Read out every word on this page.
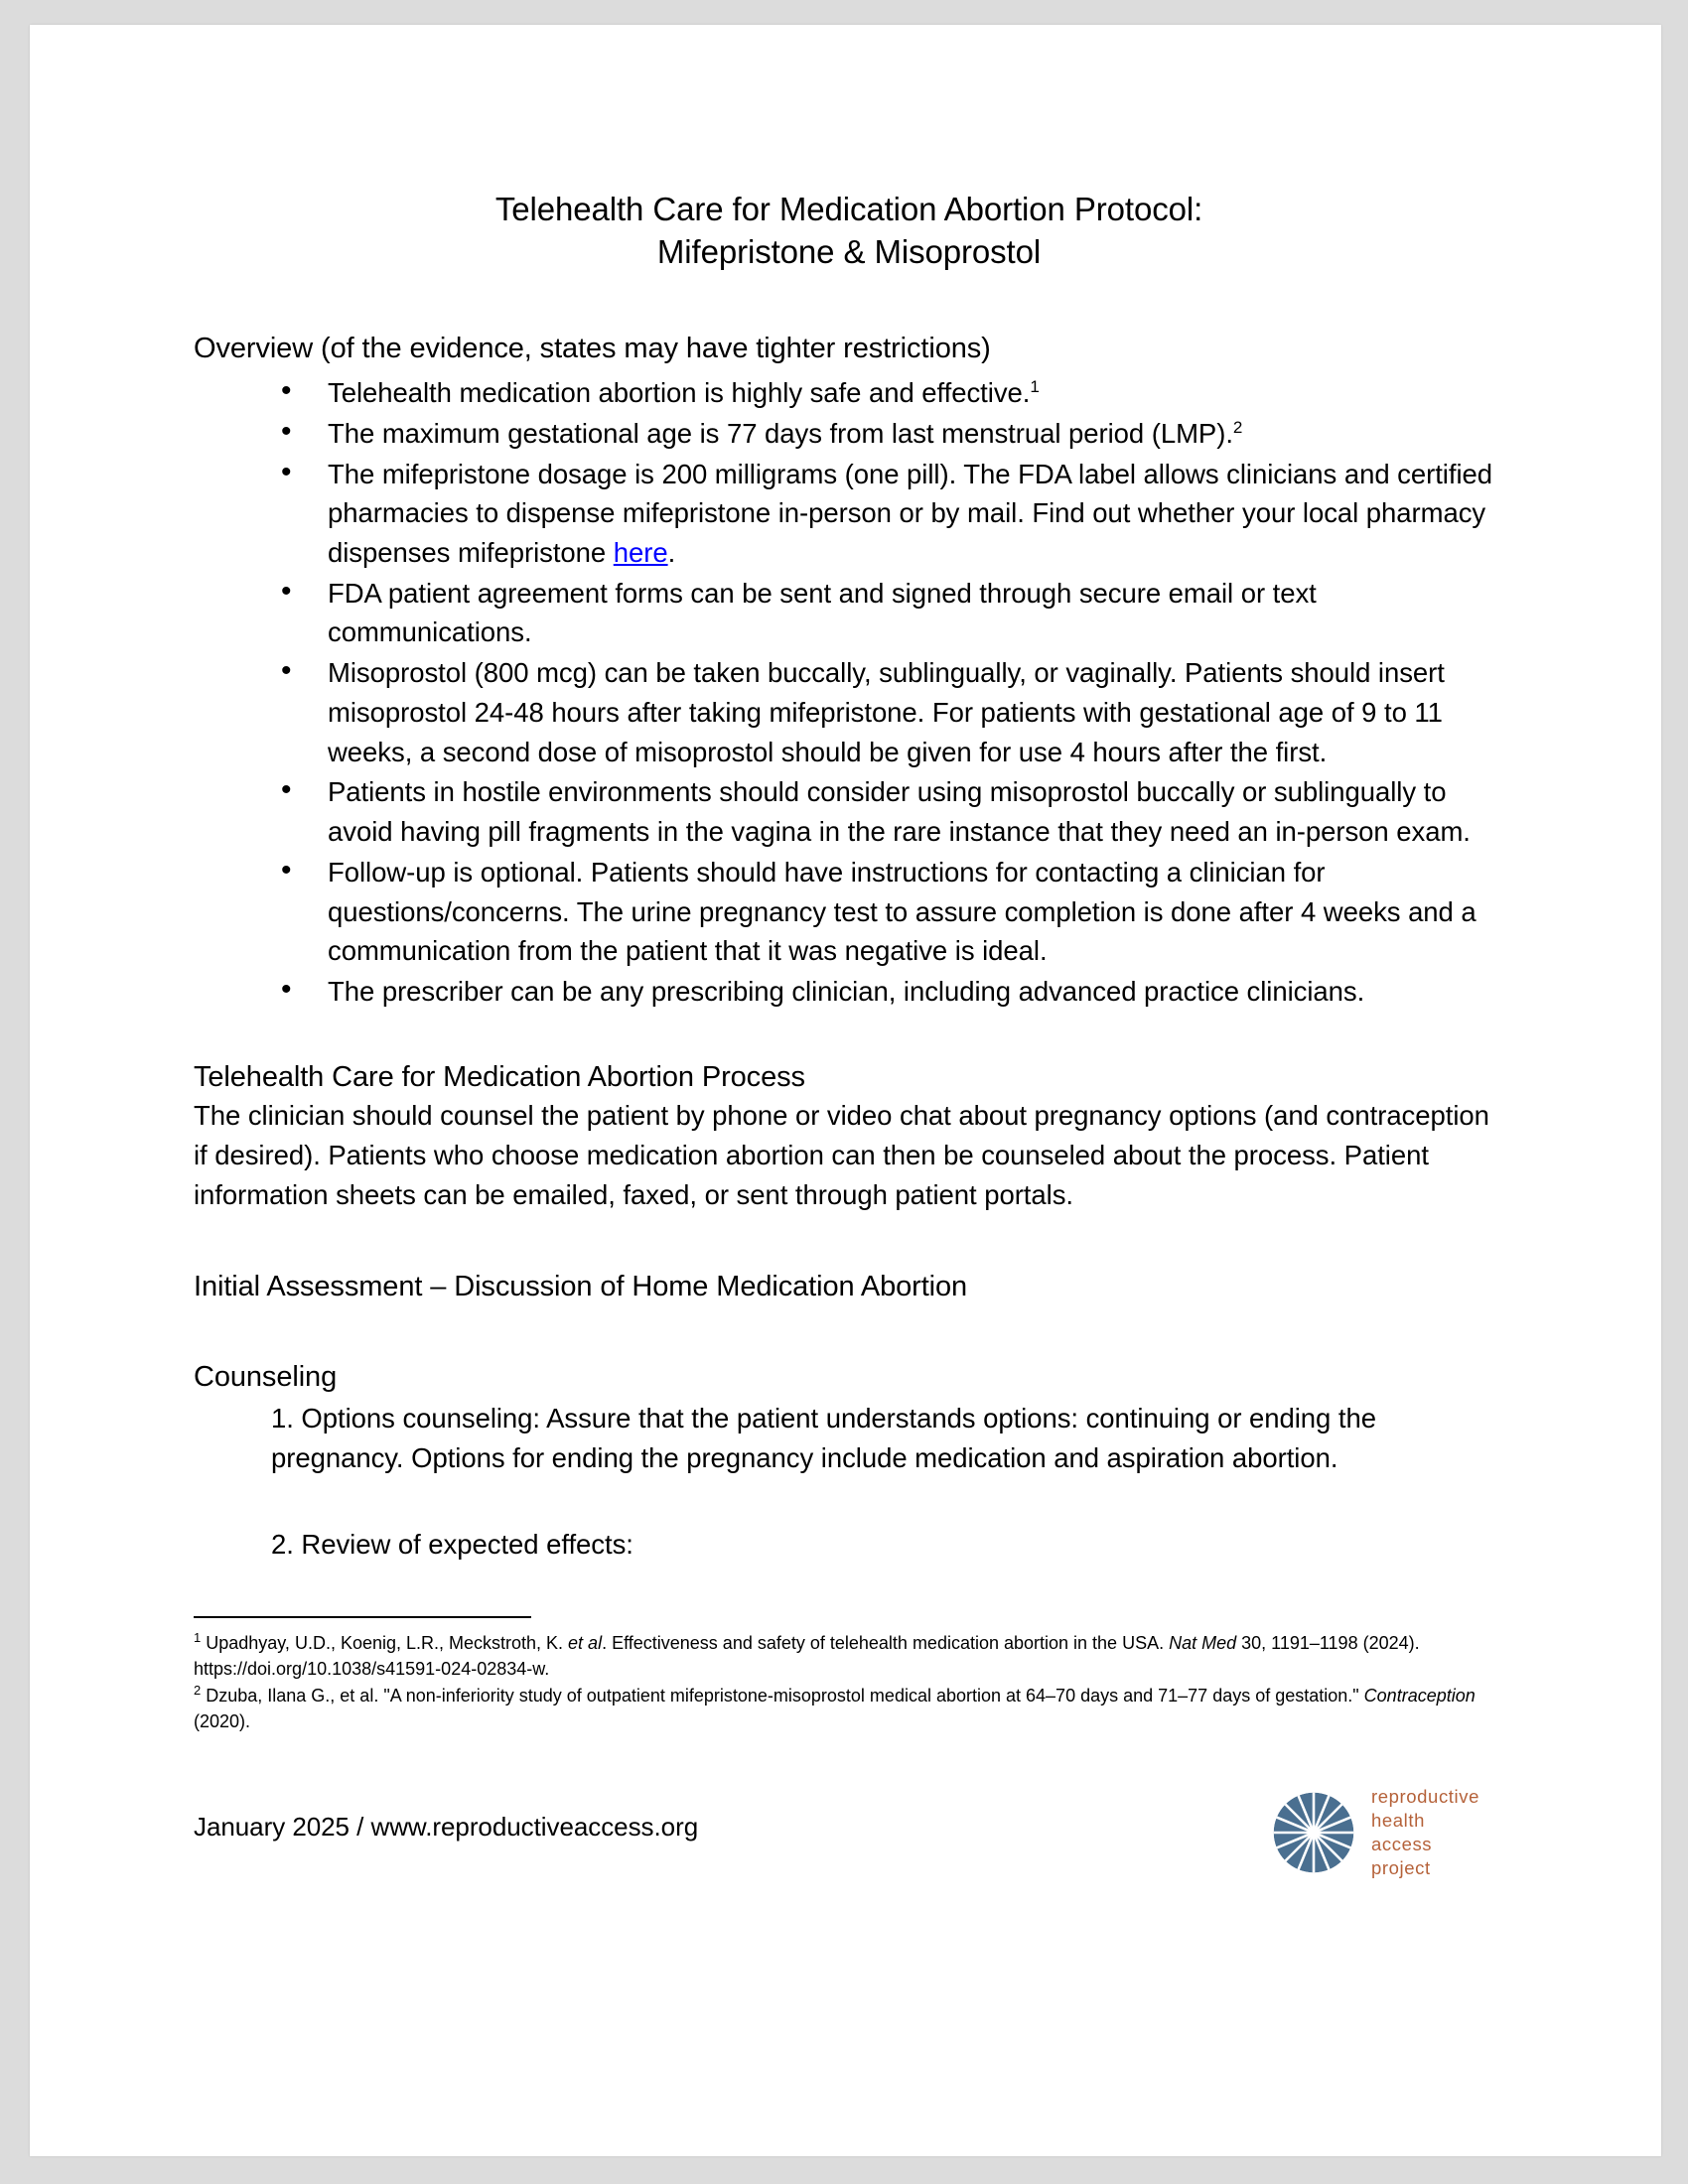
Telehealth Care for Medication Abortion Protocol:
Mifepristone & Misoprostol
Overview (of the evidence, states may have tighter restrictions)
• Telehealth medication abortion is highly safe and effective.$^1$
• The maximum gestational age is 77 days from last menstrual period (LMP).$^2$
• The mifepristone dosage is 200 milligrams (one pill). The FDA label allows clinicians and certified pharmacies to dispense mifepristone in-person or by mail. Find out whether your local pharmacy dispenses mifepristone here.
• FDA patient agreement forms can be sent and signed through secure email or text communications.
• Misoprostol (800 mcg) can be taken buccally, sublingually, or vaginally. Patients should insert misoprostol 24-48 hours after taking mifepristone. For patients with gestational age of 9 to 11 weeks, a second dose of misoprostol should be given for use 4 hours after the first.
• Patients in hostile environments should consider using misoprostol buccally or sublingually to avoid having pill fragments in the vagina in the rare instance that they need an in-person exam.
• Follow-up is optional. Patients should have instructions for contacting a clinician for questions/concerns. The urine pregnancy test to assure completion is done after 4 weeks and a communication from the patient that it was negative is ideal.
• The prescriber can be any prescribing clinician, including advanced practice clinicians.
Telehealth Care for Medication Abortion Process

The clinician should counsel the patient by phone or video chat about pregnancy options (and contraception if desired). Patients who choose medication abortion can then be counseled about the process. Patient information sheets can be emailed, faxed, or sent through patient portals.

Initial Assessment – Discussion of Home Medication Abortion
Counseling

1. Options counseling: Assure that the patient understands options: continuing or ending the pregnancy. Options for ending the pregnancy include medication and aspiration abortion.

2. Review of expected effects:

$^1$ Upadhyay, U.D., Koenig, L.R., Meckstroth, K. et al. Effectiveness and safety of telehealth medication abortion in the USA. Nat Med 30, 1191–1198 (2024). https://doi.org/10.1038/s41591-024-02834-w.

$^2$ Dzuba, Ilana G., et al. "A non-inferiority study of outpatient mifepristone-misoprostol medical abortion at 64–70 days and 71–77 days of gestation." Contraception (2020).

January 2025 / www.reproductiveaccess.org

reproductive
health
access
project
